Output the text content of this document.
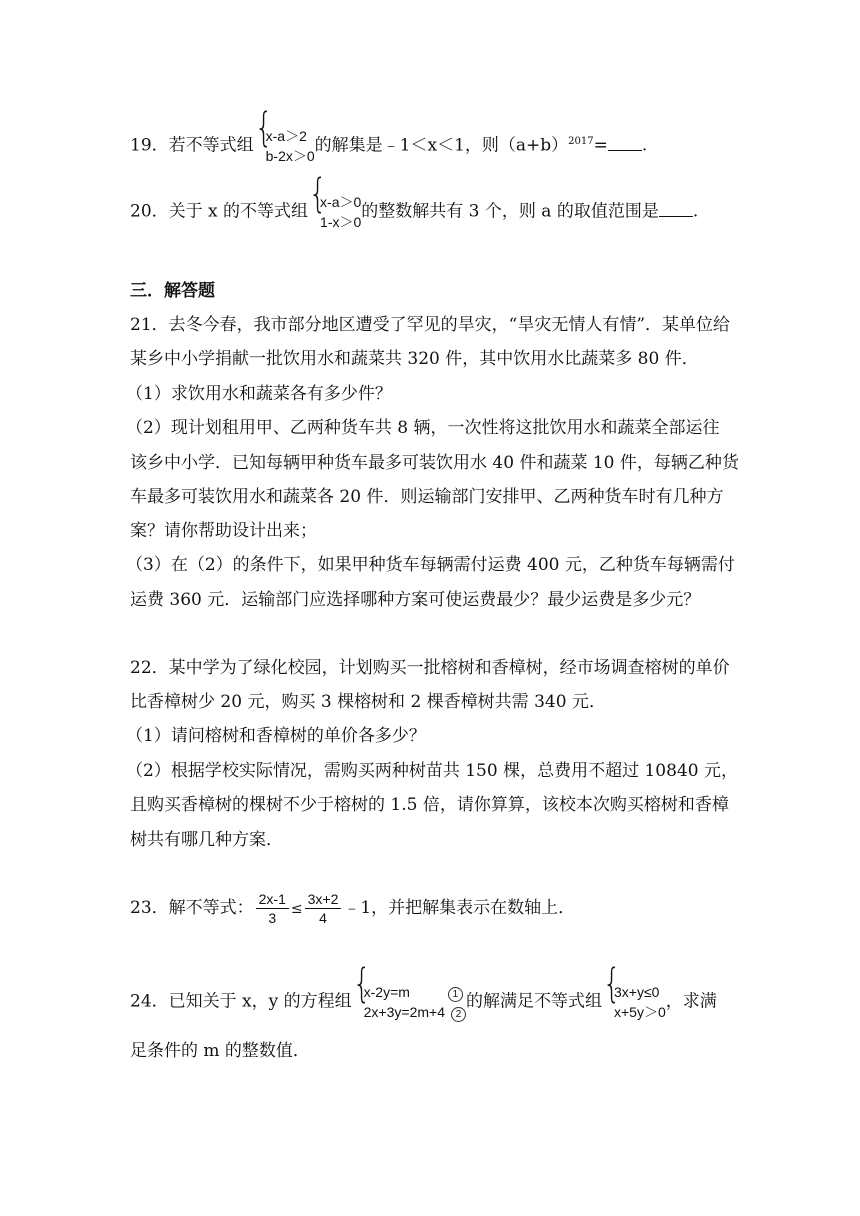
19．若不等式组 { x-a＞2
b-2x＞0
的解集是﹣1＜x＜1，则$(a+b)^{2017}=$ .
20．关于 x 的不等式组 { x-a＞0
1-x＞0
的整数解共有 3 个，则 a 的取值范围是 .
三．解答题
21．去冬今春，我市部分地区遭受了罕见的旱灾，“旱灾无情人有情”．某单位给
某乡中小学捐献一批饮用水和蔬菜共 320 件，其中饮用水比蔬菜多 80 件．
（1）求饮用水和蔬菜各有多少件？
（2）现计划租用甲、乙两种货车共 8 辆，一次性将这批饮用水和蔬菜全部运往
该乡中小学．已知每辆甲种货车最多可装饮用水 40 件和蔬菜 10 件，每辆乙种货
车最多可装饮用水和蔬菜各 20 件．则运输部门安排甲、乙两种货车时有几种方
案？请你帮助设计出来；
（3）在（2）的条件下，如果甲种货车每辆需付运费 400 元，乙种货车每辆需付
运费 360 元．运输部门应选择哪种方案可使运费最少？最少运费是多少元？
22．某中学为了绿化校园，计划购买一批榕树和香樟树，经市场调查榕树的单价
比香樟树少 20 元，购买 3 棵榕树和 2 棵香樟树共需 340 元．
（1）请问榕树和香樟树的单价各多少？
（2）根据学校实际情况，需购买两种树苗共 150 棵，总费用不超过 10840 元，
且购买香樟树的棵树不少于榕树的 1.5 倍，请你算算，该校本次购买榕树和香樟
树共有哪几种方案．
23．解不等式： $\frac{2x-1}{3} \le \frac{3x+2}{4}$ ﹣1，并把解集表示在数轴上．
24．已知关于 x，y 的方程组 { x-2y=m	1
2x+3y=2m+4 2
的解满足不等式组 { 3x+y≤0
x+5y＞0
，求满
足条件的 m 的整数值．
